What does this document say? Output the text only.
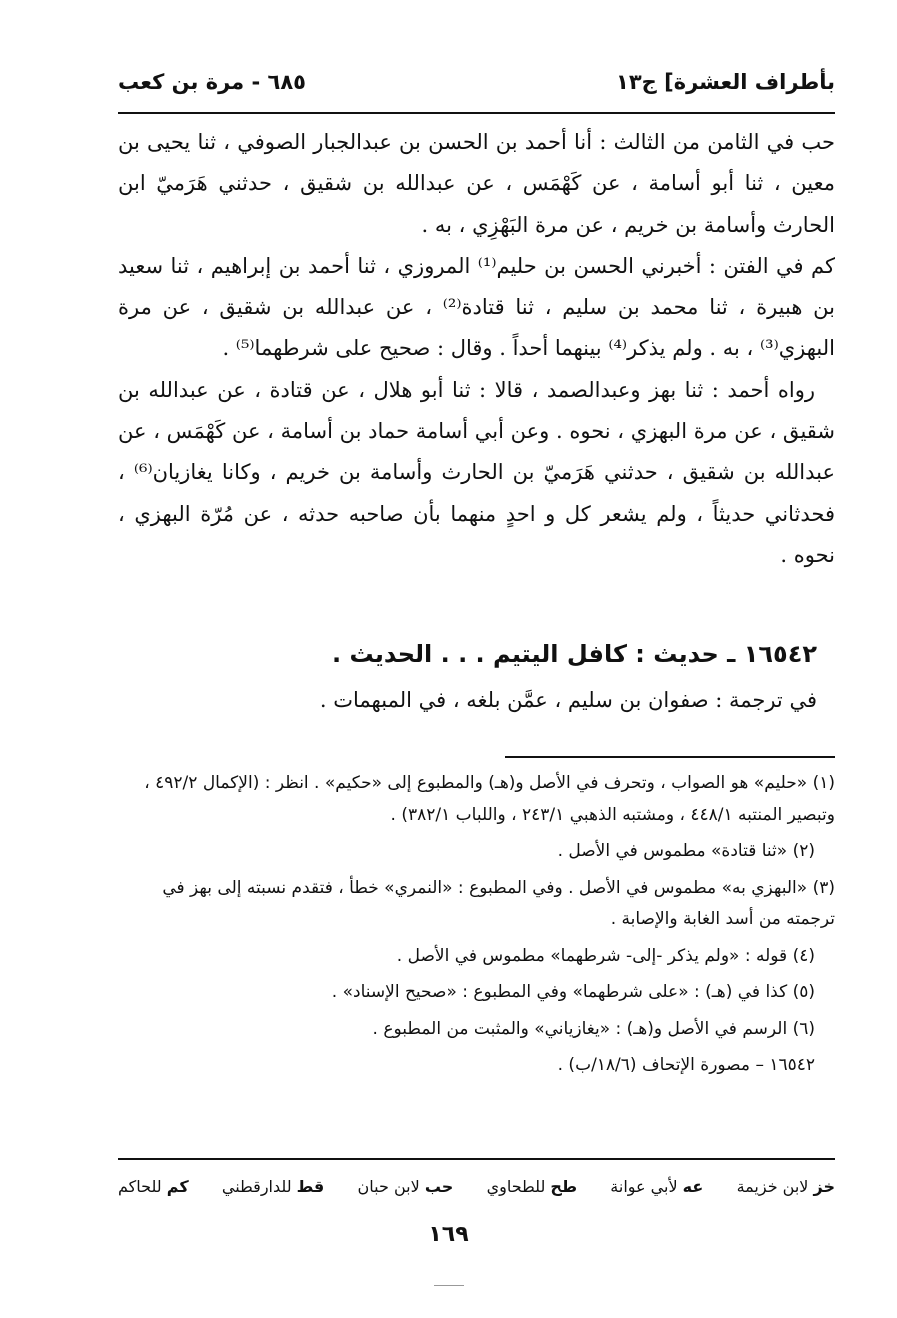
بأطراف العشرة] ج١٣
٦٨٥ - مرة بن كعب

حب في الثامن من الثالث : أنا أحمد بن الحسن بن عبدالجبار الصوفي ، ثنا يحيى بن معين ، ثنا أبو أسامة ، عن كَهْمَس ، عن عبدالله بن شقيق ، حدثني هَرَميّ ابن الحارث وأسامة بن خريم ، عن مرة البَهْزِي ، به .

كم في الفتن : أخبرني الحسن بن حليم⁽¹⁾ المروزي ، ثنا أحمد بن إبراهيم ، ثنا سعيد بن هبيرة ، ثنا محمد بن سليم ، ثنا قتادة⁽²⁾ ، عن عبدالله بن شقيق ، عن مرة البهزي⁽³⁾ ، به . ولم يذكر⁽⁴⁾ بينهما أحداً . وقال : صحيح على شرطهما⁽⁵⁾ .

رواه أحمد : ثنا بهز وعبدالصمد ، قالا : ثنا أبو هلال ، عن قتادة ، عن عبدالله بن شقيق ، عن مرة البهزي ، نحوه . وعن أبي أسامة حماد بن أسامة ، عن كَهْمَس ، عن عبدالله بن شقيق ، حدثني هَرَميّ بن الحارث وأسامة بن خريم ، وكانا يغازيان⁽⁶⁾ ، فحدثاني حديثاً ، ولم يشعر كل و احدٍ منهما بأن صاحبه حدثه ، عن مُرّة البهزي ، نحوه .

١٦٥٤٢ ـ حديث : كافل اليتيم . . . الحديث .
في ترجمة : صفوان بن سليم ، عمَّن بلغه ، في المبهمات .

(١) «حليم» هو الصواب ، وتحرف في الأصل و(هـ) والمطبوع إلى «حكيم» . انظر : (الإكمال ٤٩٢/٢ ، وتبصير المنتبه ٤٤٨/١ ، ومشتبه الذهبي ٢٤٣/١ ، واللباب ٣٨٢/١) .

(٢) «ثنا قتادة» مطموس في الأصل .

(٣) «البهزي به» مطموس في الأصل . وفي المطبوع : «النمري» خطأ ، فتقدم نسبته إلى بهز في ترجمته من أسد الغابة والإصابة .

(٤) قوله : «ولم يذكر -إلى- شرطهما» مطموس في الأصل .

(٥) كذا في (هـ) : «على شرطهما» وفي المطبوع : «صحيح الإسناد» .

(٦) الرسم في الأصل و(هـ) : «يغازياني» والمثبت من المطبوع .

١٦٥٤٢ – مصورة الإتحاف (١٨/٦/ب) .

خز لابن خزيمة
عه لأبي عوانة
طح للطحاوي
حب لابن حبان
قط للدارقطني
كم للحاكم
١٦٩
